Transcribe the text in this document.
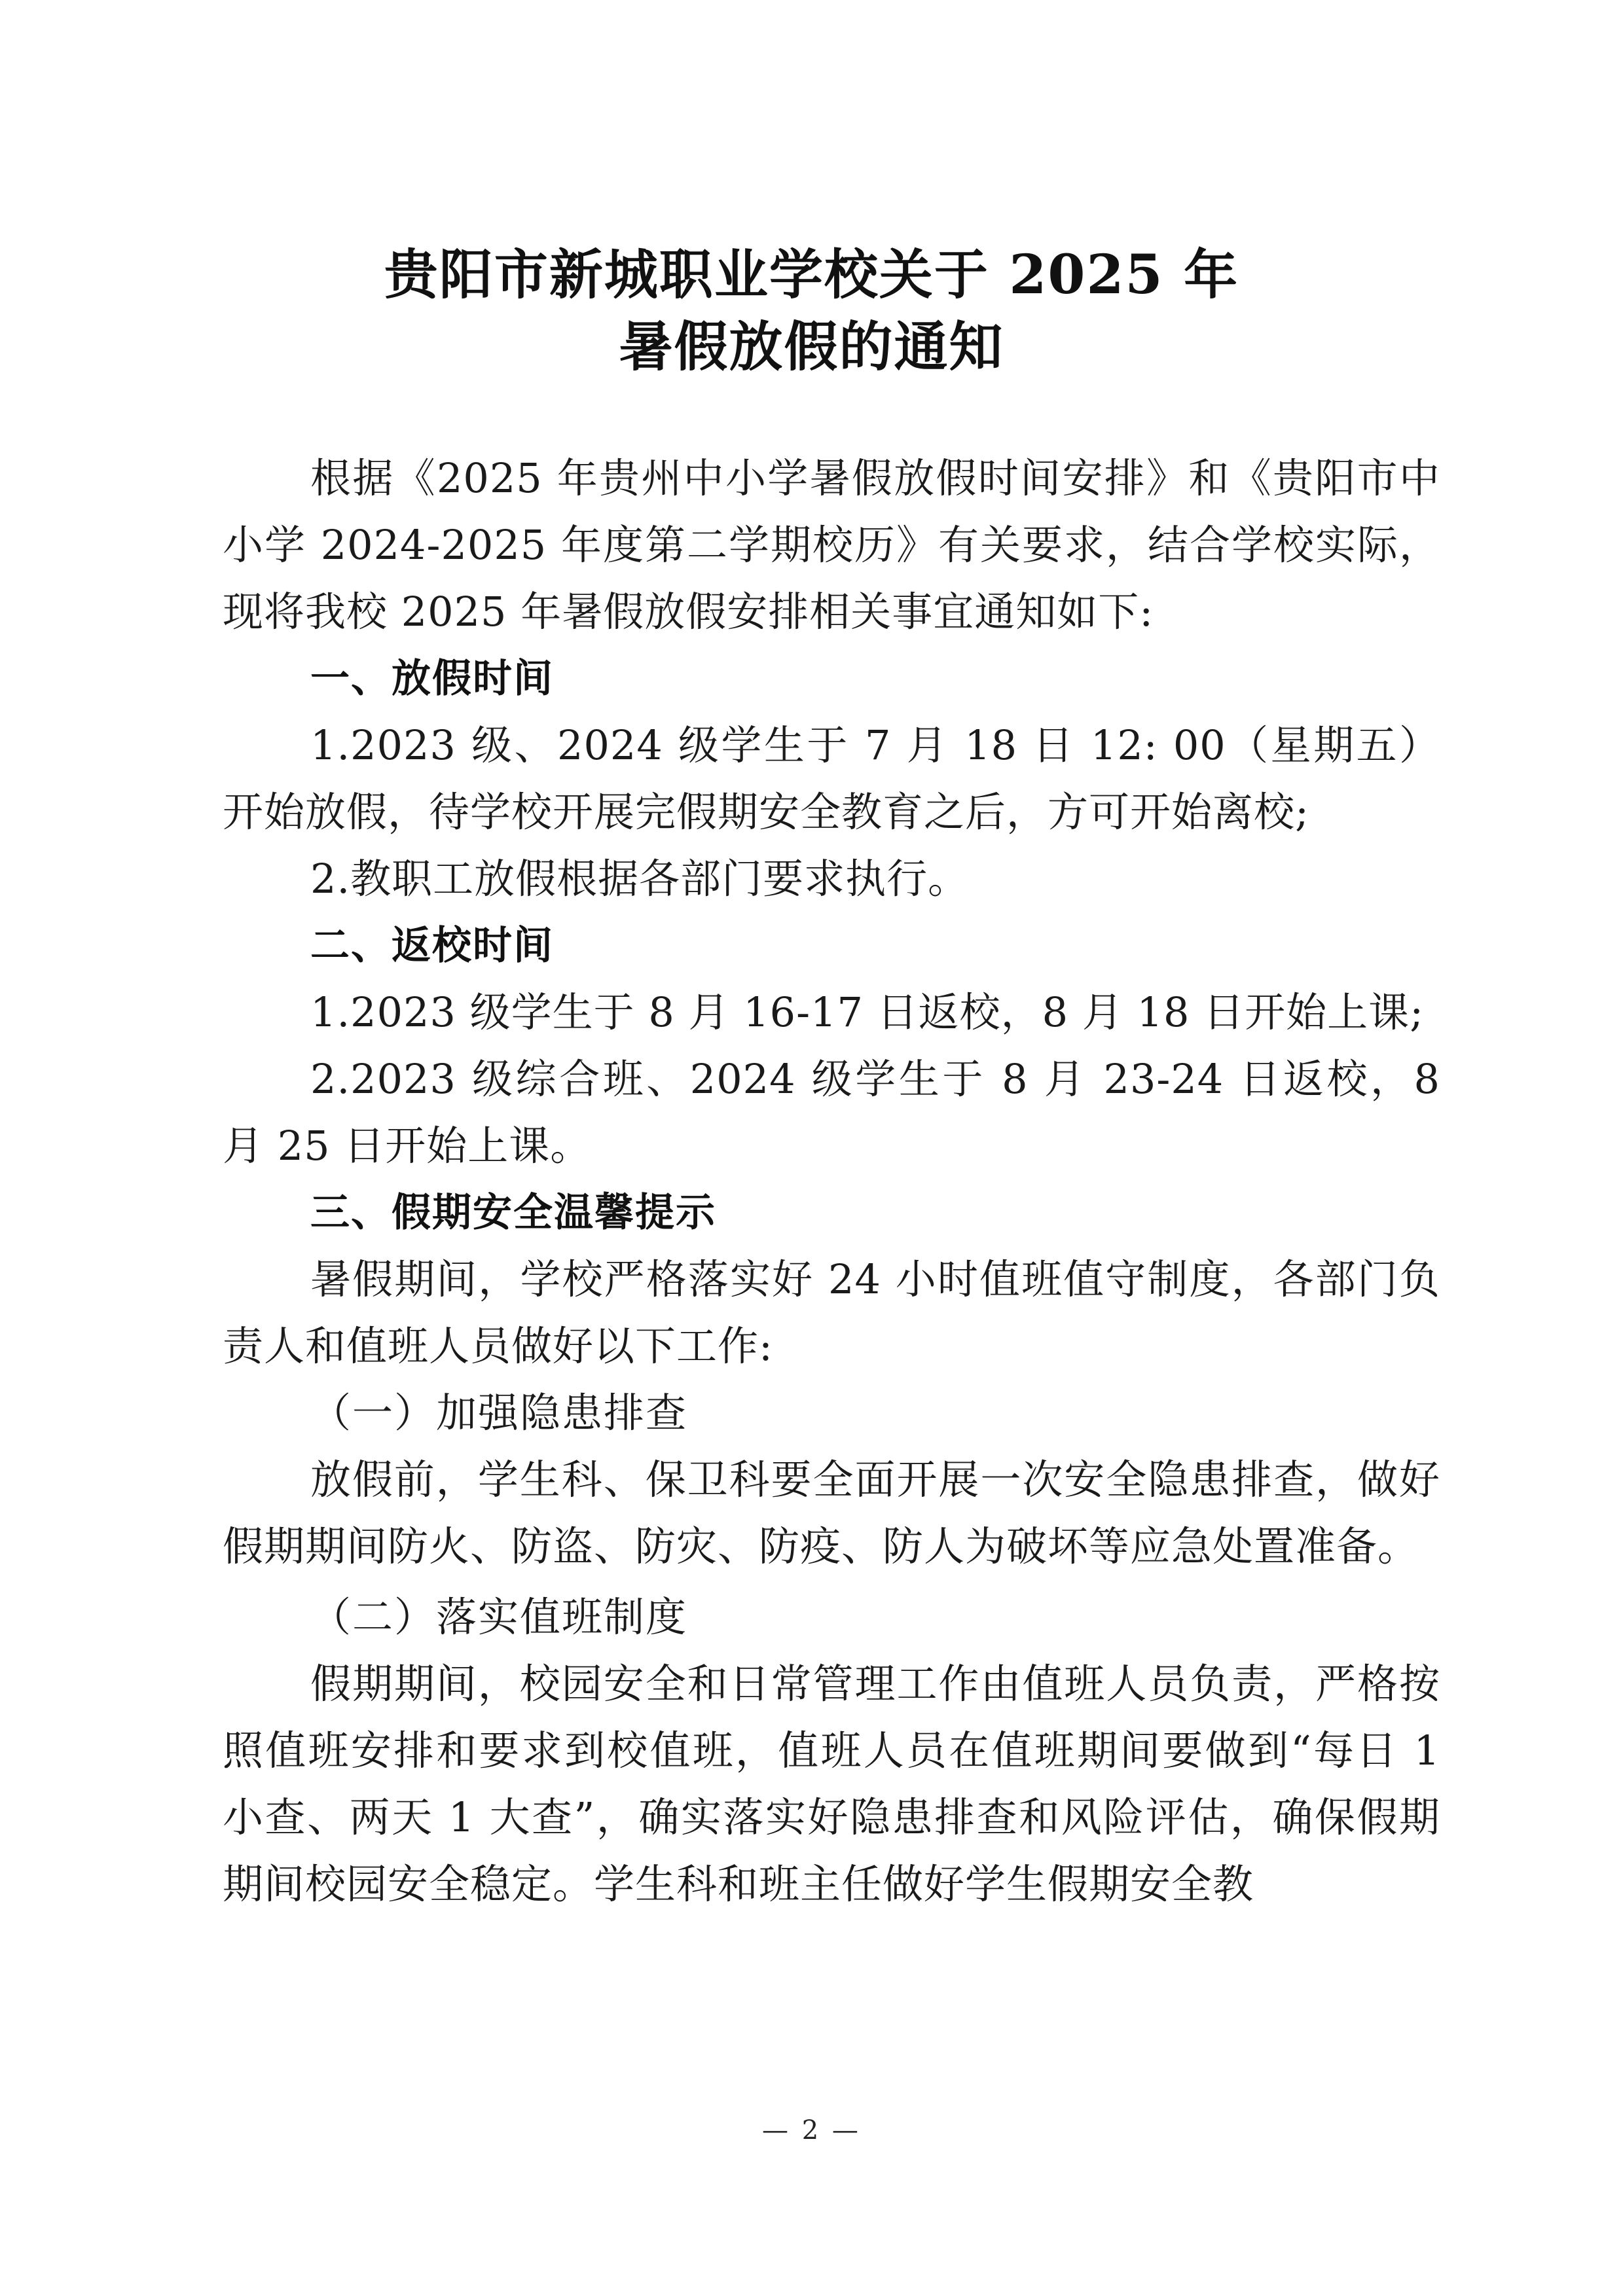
贵阳市新城职业学校关于 2025 年
暑假放假的通知

根据《2025 年贵州中小学暑假放假时间安排》和《贵阳市中小学 2024-2025 年度第二学期校历》有关要求，结合学校实际，现将我校 2025 年暑假放假安排相关事宜通知如下:

一、放假时间

1.2023 级、2024 级学生于 7 月 18 日 12: 00（星期五）开始放假，待学校开展完假期安全教育之后，方可开始离校;

2.教职工放假根据各部门要求执行。

二、返校时间

1.2023 级学生于 8 月 16-17 日返校，8 月 18 日开始上课;

2.2023 级综合班、2024 级学生于 8 月 23-24 日返校，8 月 25 日开始上课。

三、假期安全温馨提示

暑假期间，学校严格落实好 24 小时值班值守制度，各部门负责人和值班人员做好以下工作:

（一）加强隐患排查

放假前，学生科、保卫科要全面开展一次安全隐患排查，做好假期期间防火、防盗、防灾、防疫、防人为破坏等应急处置准备。

（二）落实值班制度

假期期间，校园安全和日常管理工作由值班人员负责，严格按照值班安排和要求到校值班，值班人员在值班期间要做到“每日 1 小查、两天 1 大查”，确实落实好隐患排查和风险评估，确保假期期间校园安全稳定。学生科和班主任做好学生假期安全教

— 2 —
